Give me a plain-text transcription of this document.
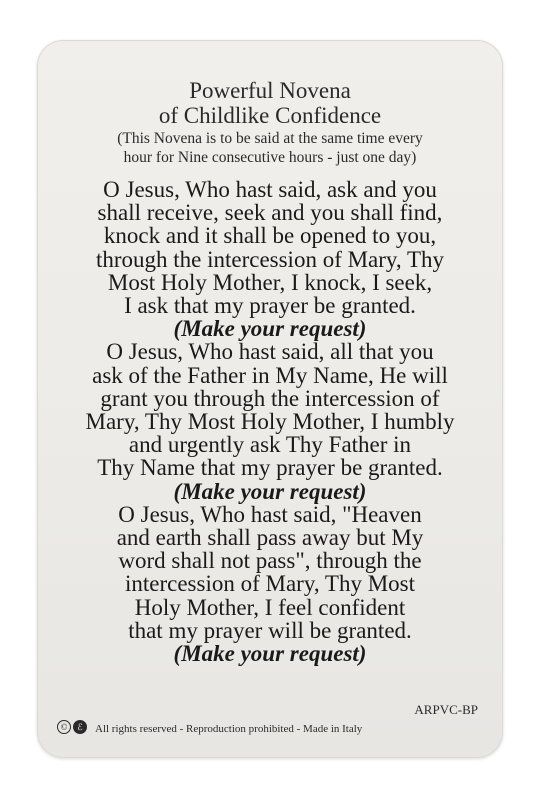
Powerful Novena
of Childlike Confidence
(This Novena is to be said at the same time every
hour for Nine consecutive hours - just one day)
O Jesus, Who hast said, ask and you
shall receive, seek and you shall find,
knock and it shall be opened to you,
through the intercession of Mary, Thy
Most Holy Mother, I knock, I seek,
I ask that my prayer be granted.
(Make your request)
O Jesus, Who hast said, all that you
ask of the Father in My Name, He will
grant you through the intercession of
Mary, Thy Most Holy Mother, I humbly
and urgently ask Thy Father in
Thy Name that my prayer be granted.
(Make your request)
O Jesus, Who hast said, "Heaven
and earth shall pass away but My
word shall not pass", through the
intercession of Mary, Thy Most
Holy Mother, I feel confident
that my prayer will be granted.
(Make your request)
ARPVC-BP
©	ℰ	All rights reserved - Reproduction prohibited - Made in Italy
